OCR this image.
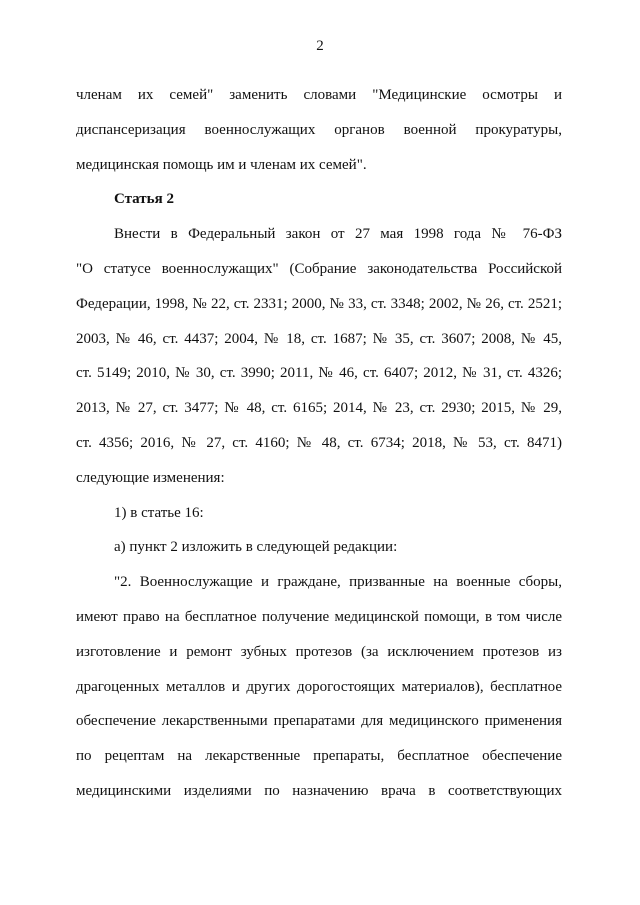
2
членам их семей" заменить словами "Медицинские осмотры и
диспансеризация военнослужащих органов военной прокуратуры,
медицинская помощь им и членам их семей".
Статья 2
Внести в Федеральный закон от 27 мая 1998 года № 76-ФЗ
"О статусе военнослужащих" (Собрание законодательства Российской
Федерации, 1998, № 22, ст. 2331; 2000, № 33, ст. 3348; 2002, № 26, ст. 2521;
2003, № 46, ст. 4437; 2004, № 18, ст. 1687; № 35, ст. 3607; 2008, № 45,
ст. 5149; 2010, № 30, ст. 3990; 2011, № 46, ст. 6407; 2012, № 31, ст. 4326;
2013, № 27, ст. 3477; № 48, ст. 6165; 2014, № 23, ст. 2930; 2015, № 29,
ст. 4356; 2016, № 27, ст. 4160; № 48, ст. 6734; 2018, № 53, ст. 8471)
следующие изменения:
1) в статье 16:
а) пункт 2 изложить в следующей редакции:
"2. Военнослужащие и граждане, призванные на военные сборы,
имеют право на бесплатное получение медицинской помощи, в том числе
изготовление и ремонт зубных протезов (за исключением протезов из
драгоценных металлов и других дорогостоящих материалов), бесплатное
обеспечение лекарственными препаратами для медицинского применения
по рецептам на лекарственные препараты, бесплатное обеспечение
медицинскими изделиями по назначению врача в соответствующих
